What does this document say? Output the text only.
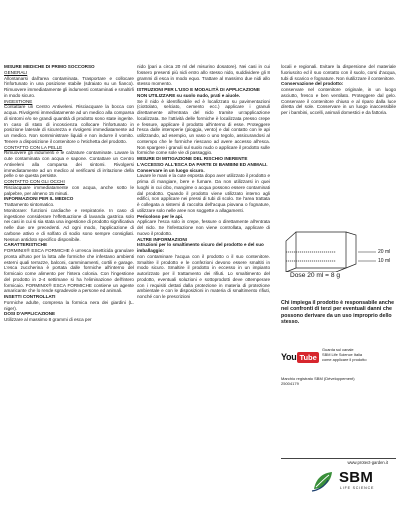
MISURE MEDICHE DI PRIMO SOCCORSO
GENERALI
Allontanarsi dall'area contaminata. Trasportare e collocare l'infortunato in una posizione stabile (sdraiato su un fianco). Rimuovere immediatamente gli indumenti contaminati e smaltirli in modo sicuro.
INGESTIONE
Contattare un Centro Antiveleni. Risciacquare la bocca con acqua. Rivolgersi immediatamente ad un medico alla comparsa di sintomi e/o se grandi quantità di prodotto sono state ingerite. In caso di stato di incoscienza collocare l'infortunato in posizione laterale di sicurezza e rivolgersi immediatamente ad un medico. Non somministrare liquidi e non indurre il vomito. Tenere a disposizione il contenitore o l'etichetta del prodotto.
CONTATTO CON LA PELLE
Rimuovere gli indumenti e le calzature contaminate. Lavare la cute contaminata con acqua e sapone. Contattare un Centro Antiveleni alla comparsa dei sintomi. Rivolgersi immediatamente ad un medico al verificarsi di irritazione della pelle o se questa persiste.
CONTATTO CON GLI OCCHI
Risciacquare immediatamente con acqua, anche sotto le palpebre, per almeno 15 minuti.
INFORMAZIONI PER IL MEDICO
Trattamento sintomatico.
Monitorare: funzioni cardiache e respiratorie. In caso di ingestione considerare l'effettuazione di lavanda gastrica solo nei casi in cui si sia stata una ingestione di prodotto significativa nelle due ore precedenti. Ad ogni modo, l'applicazione di carbone attivo e di solfato di sodio sono sempre consigliati. Nessun antidoto specifico disponibile.
CARATTERISTICHE
FORMINIX® ESCA FORMICHE è un'esca insetticida granulare pronta all'uso per la lotta alle formiche che infestano ambienti esterni quali terrazze, balconi, camminamenti, cortili e garage. L'esca zuccherina è portata dalle formiche all'interno del formicaio come alimento per l'intera colonia. Con l'ingestione del prodotto in 2-4 settimane si ha l'eliminazione dell'intero formicaio. FORMINIX® ESCA FORMICHE contiene un agente amaricante che lo rende sgradevole a persone ed animali.
INSETTI CONTROLLATI
Formiche adulte, compresa la formica nera dei giardini (L. niger).
DOSI D'APPLICAZIONE
Utilizzare al massimo 8 grammi di esca per
nido (pari a circa 20 ml del misurino dosatore). Nei casi in cui fossero presenti più nidi entro allo stesso nido, suddividere gli 8 grammi di esca in modo equo. Trattare al massimo due nidi allo stesso momento.
ISTRUZIONI PER L'USO E MODALITÀ DI APPLICAZIONE
NON UTILIZZARE su suolo nudo, prati e aiuole.
Se il nido è identificabile ed è localizzato su pavimentazioni (ciottolato, selciato, cemento ecc.) applicare i granuli direttamente all'entrata del nido tramite un'applicazione localizzata. Se l'attività delle formiche è localizzata presso crepe e fessure, applicare il prodotto all'interno di esse. Proteggere l'esca dalle intemperie (pioggia, vento) e dal contatto con le api utilizzando, ad esempio, un vaso o uno tegolo, assicurandosi al contempo che le formiche riescano ad avere accesso all'esca. Non spargere i granuli sul suolo nudo o applicare il prodotto sulle formiche come sole vie di passaggio.
MISURE DI MITIGAZIONE DEL RISCHIO INERENTE L'ACCESSO ALL'ESCA DA PARTE DI BAMBINI ED ANIMALI.
Conservare in un luogo sicuro.
Lavare le mani e la cute esposta dopo aver utilizzato il prodotto e prima di mangiare, bere e fumare. Da non utilizzarsi in quei luoghi in cui cibo, mangime o acqua possono essere contaminati dal prodotto. Quando il prodotto viene utilizzato interno agli edifici, non applicare nei pressi di tubi di scolo. Se l'area trattata è collegata a sistemi di raccolta dell'acqua piovana o fognature, utilizzare solo nelle aree non soggette a allagamenti.
Pericoloso per le api.
Applicare l'esca solo in crepe, fessure o direttamente all'entrata del nido. Se l'infestazione non viene controllata, applicare di nuovo il prodotto.
ALTRE INFORMAZIONI
Istruzioni per lo smaltimento sicuro del prodotto e del suo imballaggio:
non contaminare l'acqua con il prodotto o il suo contenitore. Smaltire il prodotto e le confezioni devono essere smaltiti in modo sicuro. Smaltire il prodotto in eccesso in un impianto autorizzato per il trattamento dei rifiuti. Lo smaltimento del prodotto, eventuali soluzioni e sottoprodotti deve ottemperare con i requisiti dettati dalla protezione in materia di protezione ambientale e con le disposizioni in materia di smaltimento rifiuti, nonché con le prescrizioni
locali e regionali. Evitare la dispersione del materiale fuoriuscito ed il suo contatto con il suolo, corsi d'acqua, tubi di scarico e fognature. Non riutilizzare il contenitore.
Conservazione del prodotto:
conservare nel contenitore originale, in un luogo asciutto, fresco e ben ventilato. Proteggere dal gelo. Conservare il contenitore chiuso e al riparo dalla luce diretta del sole. Conservare in un luogo inaccessibile per i bambini, uccelli, animali domestici e da fattoria.
20 ml
10 ml
Dose 20 ml = 8 g
Chi impiega il prodotto è responsabile anche nei confronti di terzi per eventuali danni che possono derivare da un uso improprio dello stesso.
You Tube
Guarda sul canale
SBM Life Science Italia
come applicare il prodotto
Marchio registrato SBM (Développement)
25004179
www.protect-garden.it
SBM
LIFE SCIENCE
